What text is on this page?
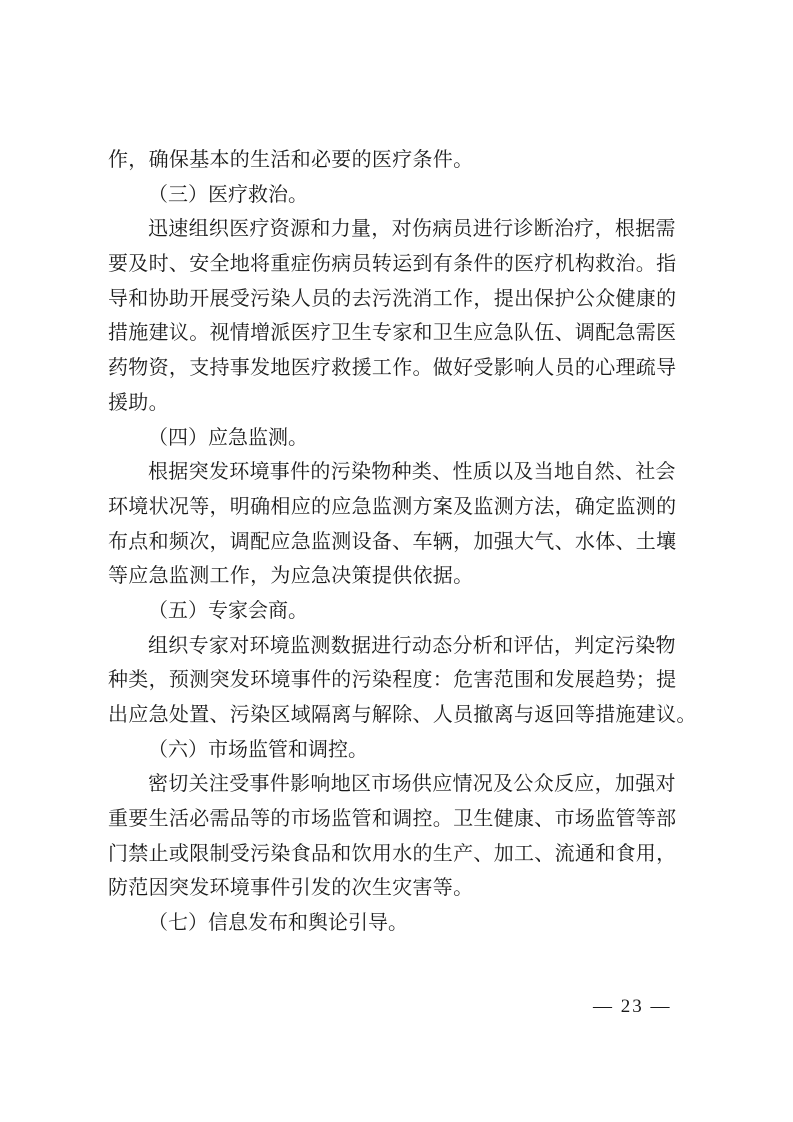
作，确保基本的生活和必要的医疗条件。
（三）医疗救治。
迅速组织医疗资源和力量，对伤病员进行诊断治疗，根据需
要及时、安全地将重症伤病员转运到有条件的医疗机构救治。指
导和协助开展受污染人员的去污洗消工作，提出保护公众健康的
措施建议。视情增派医疗卫生专家和卫生应急队伍、调配急需医
药物资，支持事发地医疗救援工作。做好受影响人员的心理疏导
援助。
（四）应急监测。
根据突发环境事件的污染物种类、性质以及当地自然、社会
环境状况等，明确相应的应急监测方案及监测方法，确定监测的
布点和频次，调配应急监测设备、车辆，加强大气、水体、土壤
等应急监测工作，为应急决策提供依据。
（五）专家会商。
组织专家对环境监测数据进行动态分析和评估，判定污染物
种类，预测突发环境事件的污染程度：危害范围和发展趋势；提
出应急处置、污染区域隔离与解除、人员撤离与返回等措施建议。
（六）市场监管和调控。
密切关注受事件影响地区市场供应情况及公众反应，加强对
重要生活必需品等的市场监管和调控。卫生健康、市场监管等部
门禁止或限制受污染食品和饮用水的生产、加工、流通和食用，
防范因突发环境事件引发的次生灾害等。
（七）信息发布和舆论引导。
— 23 —
